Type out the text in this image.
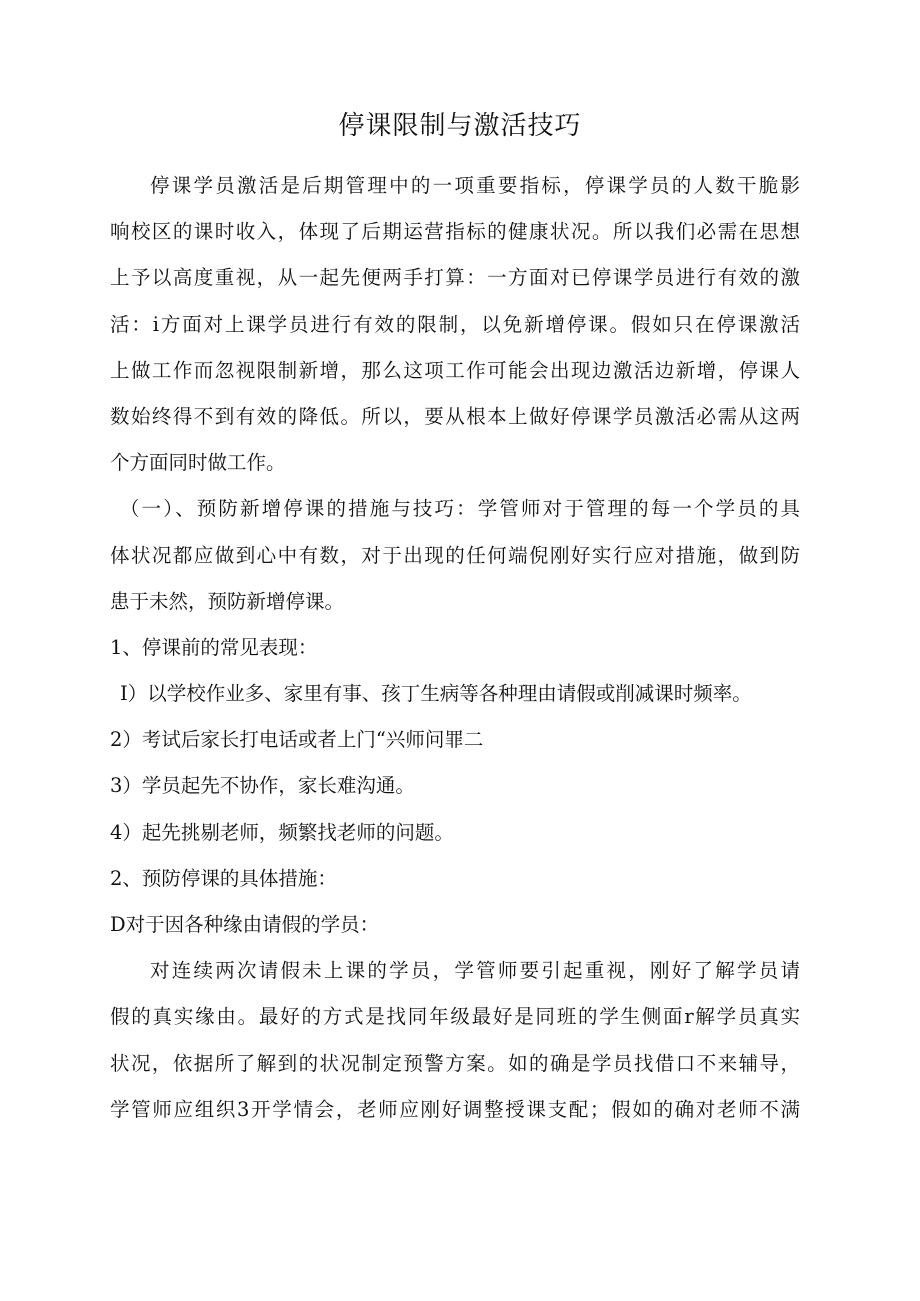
停课限制与激活技巧
停课学员激活是后期管理中的一项重要指标，停课学员的人数干脆影
响校区的课时收入，体现了后期运营指标的健康状况。所以我们必需在思想
上予以高度重视，从一起先便两手打算：一方面对已停课学员进行有效的激
活：i方面对上课学员进行有效的限制，以免新增停课。假如只在停课激活
上做工作而忽视限制新增，那么这项工作可能会出现边激活边新增，停课人
数始终得不到有效的降低。所以，要从根本上做好停课学员激活必需从这两
个方面同时做工作。
（一）、预防新增停课的措施与技巧：学管师对于管理的每一个学员的具
体状况都应做到心中有数，对于出现的任何端倪刚好实行应对措施，做到防
患于未然，预防新增停课。
1、停课前的常见表现：
I）以学校作业多、家里有事、孩丁生病等各种理由请假或削减课时频率。
2）考试后家长打电话或者上门“兴师问罪二
3）学员起先不协作，家长难沟通。
4）起先挑剔老师，频繁找老师的问题。
2、预防停课的具体措施：
D对于因各种缘由请假的学员：
对连续两次请假未上课的学员，学管师要引起重视，刚好了解学员请
假的真实缘由。最好的方式是找同年级最好是同班的学生侧面r解学员真实
状况，依据所了解到的状况制定预警方案。如的确是学员找借口不来辅导，
学管师应组织3开学情会，老师应刚好调整授课支配；假如的确对老师不满
